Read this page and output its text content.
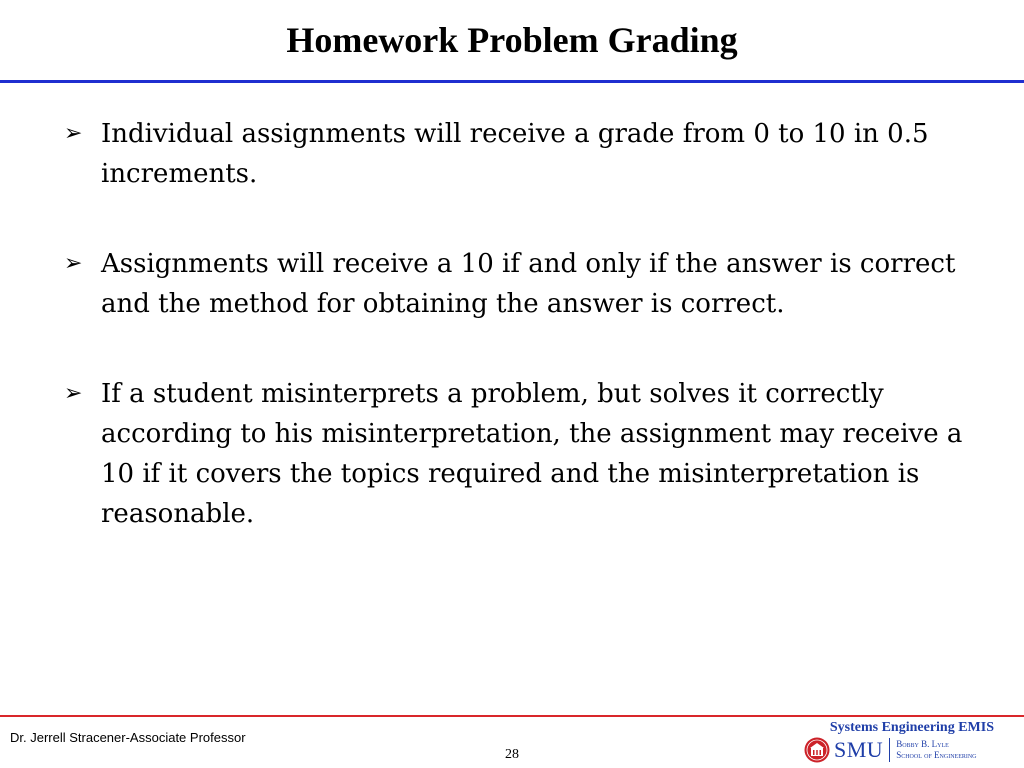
Homework Problem Grading
➢ Individual assignments will receive a grade from 0 to 10 in 0.5 increments.
➢ Assignments will receive a 10 if and only if the answer is correct and the method for obtaining the answer is correct.
➢ If a student misinterprets a problem, but solves it correctly according to his misinterpretation, the assignment may receive a 10 if it covers the topics required and the misinterpretation is reasonable.
Dr. Jerrell Stracener-Associate Professor
28
Systems Engineering EMIS
SMU Bobby B. Lyle
School of Engineering
